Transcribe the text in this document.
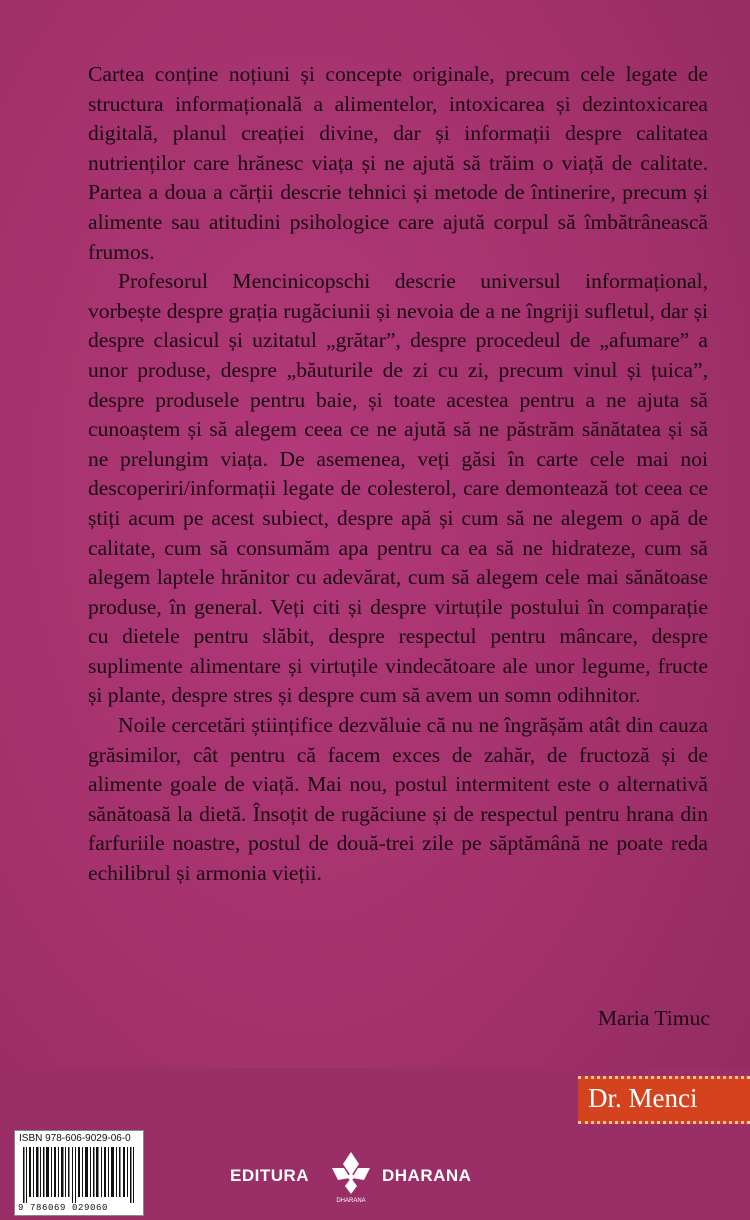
Cartea conține noțiuni și concepte originale, precum cele legate de structura informațională a alimentelor, intoxicarea și dezintoxicarea digitală, planul creației divine, dar și informații despre calitatea nutrienților care hrănesc viața și ne ajută să trăim o viață de calitate. Partea a doua a cărții descrie tehnici și metode de întinerire, precum și alimente sau atitudini psihologice care ajută corpul să îmbătrânească frumos.

Profesorul Mencinicopschi descrie universul informațional, vorbește despre grația rugăciunii și nevoia de a ne îngriji sufletul, dar și despre clasicul și uzitatul „grătar”, despre procedeul de „afumare” a unor produse, despre „băuturile de zi cu zi, precum vinul și țuica”, despre produsele pentru baie, și toate acestea pentru a ne ajuta să cunoaștem și să alegem ceea ce ne ajută să ne păstrăm sănătatea și să ne prelungim viața. De asemenea, veți găsi în carte cele mai noi descoperiri/informații legate de colesterol, care demontează tot ceea ce știți acum pe acest subiect, despre apă și cum să ne alegem o apă de calitate, cum să consumăm apa pentru ca ea să ne hidrateze, cum să alegem laptele hrănitor cu adevărat, cum să alegem cele mai sănătoase produse, în general. Veți citi și despre virtuțile postului în comparație cu dietele pentru slăbit, despre respectul pentru mâncare, despre suplimente alimentare și virtuțile vindecătoare ale unor legume, fructe și plante, despre stres și despre cum să avem un somn odihnitor.

Noile cercetări științifice dezvăluie că nu ne îngrășăm atât din cauza grăsimilor, cât pentru că facem exces de zahăr, de fructoză și de alimente goale de viață. Mai nou, postul intermitent este o alternativă sănătoasă la dietă. Însoțit de rugăciune și de respectul pentru hrana din farfuriile noastre, postul de două-trei zile pe săptămână ne poate reda echilibrul și armonia vieții.

Maria Timuc
Dr. Menci
ISBN 978-606-9029-06-0
9 786069 029060
EDITURA
DHARANA
DHARANA
